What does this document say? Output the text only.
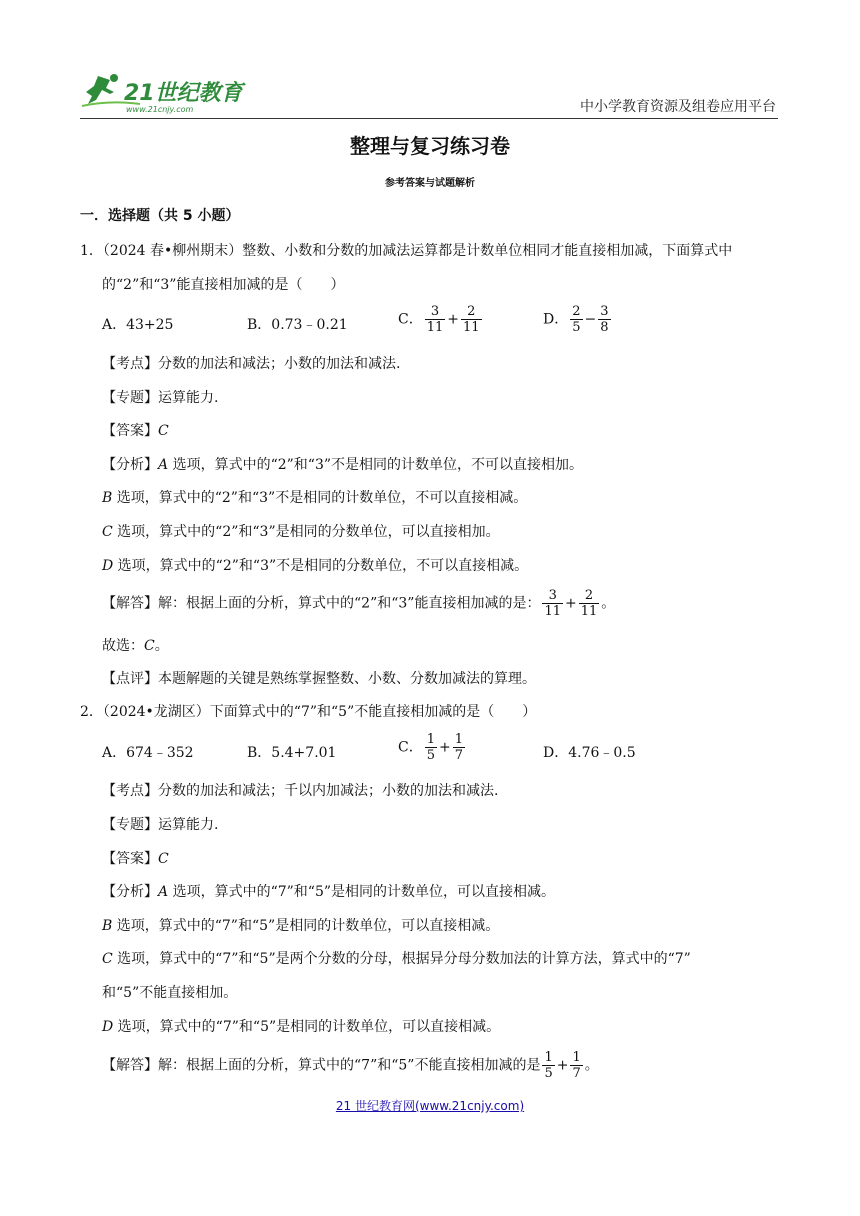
21世纪教育
www.21cnjy.com	中小学教育资源及组卷应用平台
整理与复习练习卷
参考答案与试题解析
一．选择题（共 5 小题）
1．（2024 春•柳州期末）整数、小数和分数的加减法运算都是计数单位相同才能直接相加减，下面算式中
的“2”和“3”能直接相加减的是（　　）
A．43+25	B．0.73﹣0.21	C． $\frac{3}{11} + \frac{2}{11}$	D． $\frac{2}{5} - \frac{3}{8}$
【考点】分数的加法和减法；小数的加法和减法.
【专题】运算能力.
【答案】C
【分析】A 选项，算式中的“2”和“3”不是相同的计数单位，不可以直接相加。
B 选项，算式中的“2”和“3”不是相同的计数单位，不可以直接相减。
C 选项，算式中的“2”和“3”是相同的分数单位，可以直接相加。
D 选项，算式中的“2”和“3”不是相同的分数单位，不可以直接相减。
【解答】解：根据上面的分析，算式中的“2”和“3”能直接相加减的是： $\frac{3}{11} + \frac{2}{11}$ 。
故选：C。
【点评】本题解题的关键是熟练掌握整数、小数、分数加减法的算理。
2．（2024•龙湖区）下面算式中的“7”和“5”不能直接相加减的是（　　）
A．674﹣352	B．5.4+7.01	C． $\frac{1}{5} + \frac{1}{7}$	D．4.76﹣0.5
【考点】分数的加法和减法；千以内加减法；小数的加法和减法.
【专题】运算能力.
【答案】C
【分析】A 选项，算式中的“7”和“5”是相同的计数单位，可以直接相减。
B 选项，算式中的“7”和“5”是相同的计数单位，可以直接相减。
C 选项，算式中的“7”和“5”是两个分数的分母，根据异分母分数加法的计算方法，算式中的“7”
和“5”不能直接相加。
D 选项，算式中的“7”和“5”是相同的计数单位，可以直接相减。
【解答】解：根据上面的分析，算式中的“7”和“5”不能直接相加减的是 $\frac{1}{5} + \frac{1}{7}$ 。
21 世纪教育网(www.21cnjy.com)
